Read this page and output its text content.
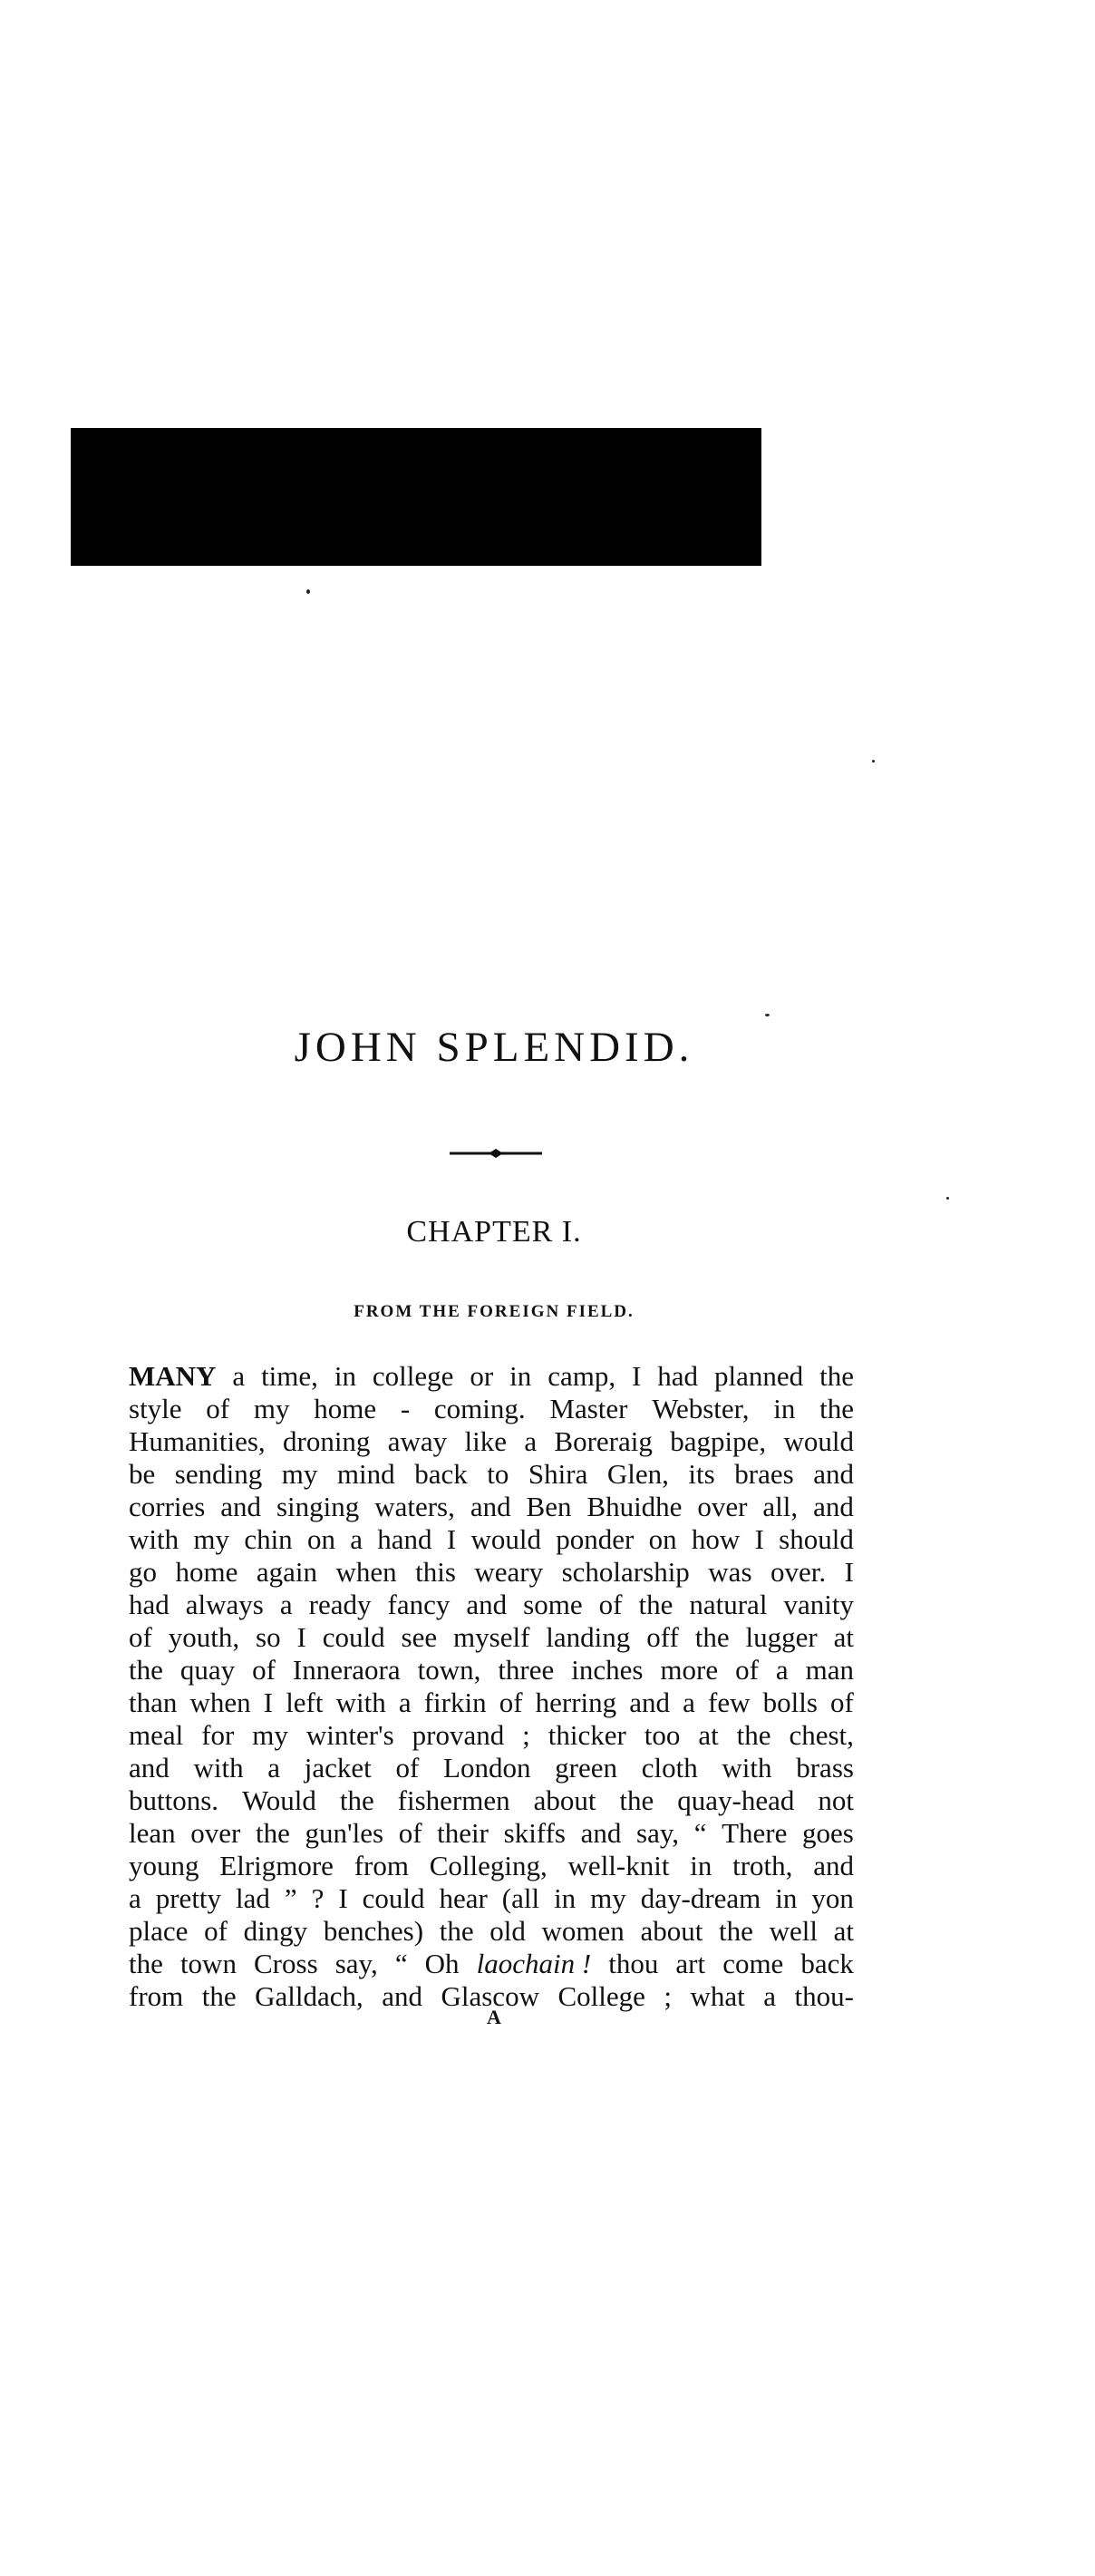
JOHN SPLENDID.
CHAPTER I.
FROM THE FOREIGN FIELD.
MANY a time, in college or in camp, I had planned the
style of my home - coming. Master Webster, in the
Humanities, droning away like a Boreraig bagpipe, would
be sending my mind back to Shira Glen, its braes and
corries and singing waters, and Ben Bhuidhe over all, and
with my chin on a hand I would ponder on how I should
go home again when this weary scholarship was over. I
had always a ready fancy and some of the natural vanity
of youth, so I could see myself landing off the lugger at
the quay of Inneraora town, three inches more of a man
than when I left with a firkin of herring and a few bolls of
meal for my winter's provand ; thicker too at the chest,
and with a jacket of London green cloth with brass
buttons. Would the fishermen about the quay-head not
lean over the gun'les of their skiffs and say, “ There goes
young Elrigmore from Colleging, well-knit in troth, and
a pretty lad ” ? I could hear (all in my day-dream in yon
place of dingy benches) the old women about the well at
the town Cross say, “ Oh laochain ! thou art come back
from the Galldach, and Glascow College ; what a thou-
A
